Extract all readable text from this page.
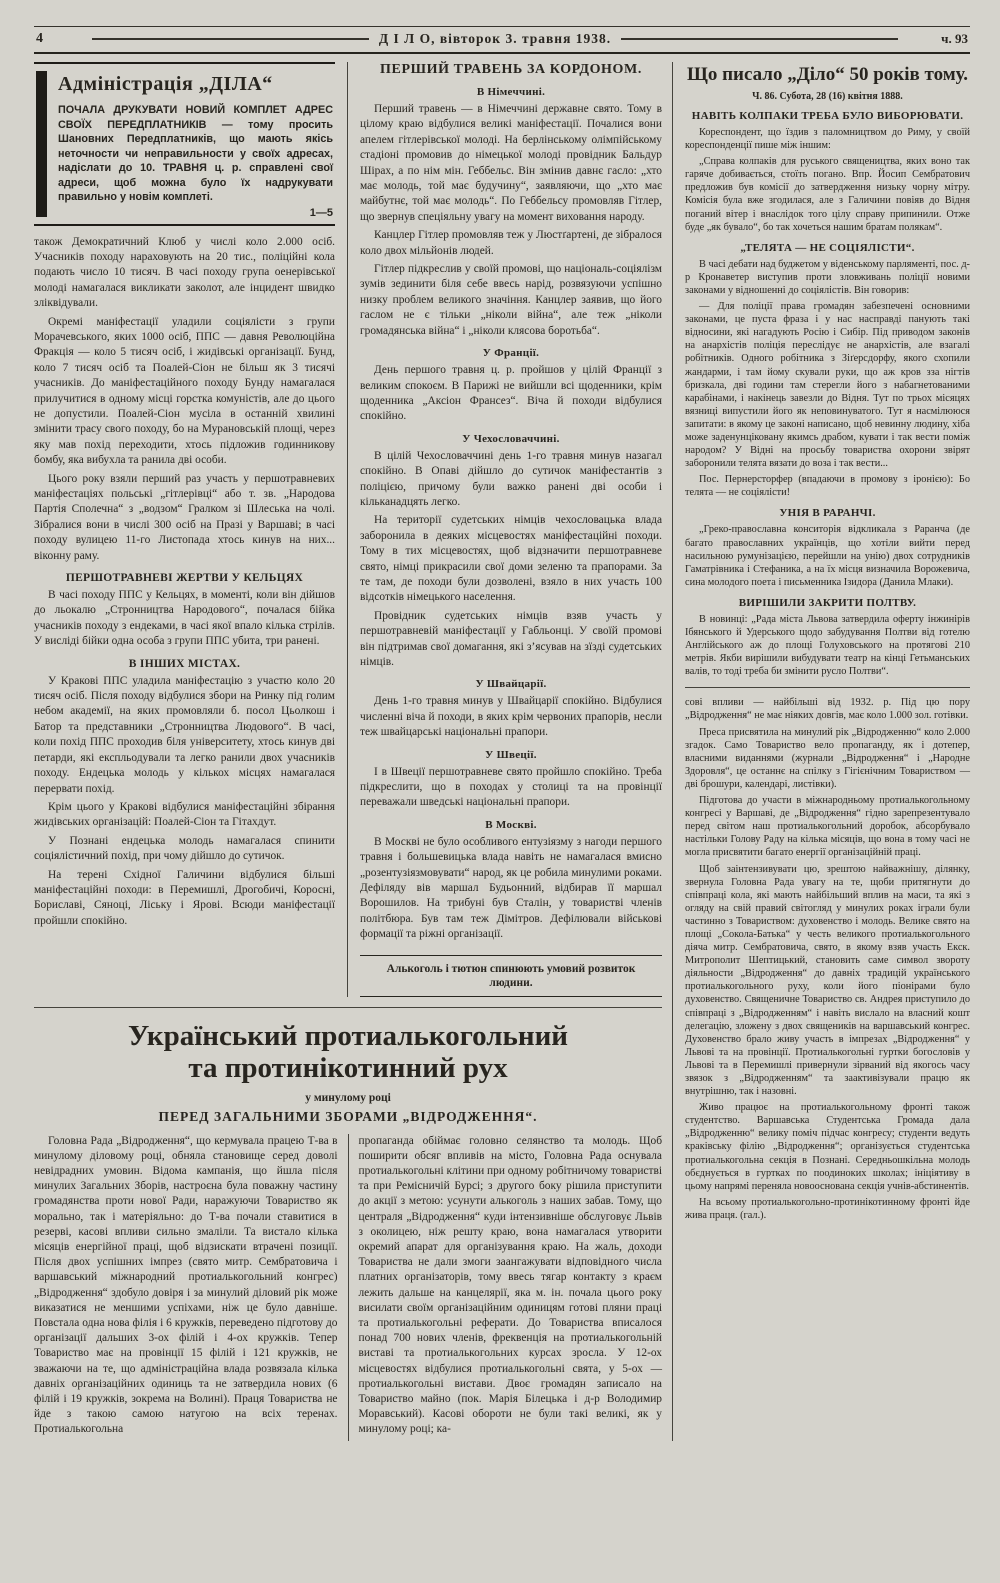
4	Д І Л О, вівторок 3. травня 1938.	ч. 93
Адміністрація „ДІЛА“

ПОЧАЛА ДРУКУВАТИ НОВИЙ КОМПЛЕТ АДРЕС СВОЇХ ПЕРЕДПЛАТНИКІВ — тому просить Шановних Передплатників, що мають якісь неточности чи неправильности у своїх адресах, надіслати до 10. ТРАВНЯ ц. р. справлені свої адреси, щоб можна було їх надрукувати правильно у новім комплеті.

1—5

також Демократичний Клюб у числі коло 2.000 осіб. Учасників походу нараховують на 20 тис., поліційні кола подають число 10 тисяч. В часі походу група оенерівської молоді намагалася викликати заколот, але інцидент швидко зліквідували.

Окремі маніфестації уладили соціялісти з групи Морачевського, яких 1000 осіб, ППС — давня Революційна Фракція — коло 5 тисяч осіб, і жидівські організації. Бунд, коло 7 тисяч осіб та Поалей-Сіон не більш як 3 тисячі учасників. До маніфестаційного походу Бунду намагалася прилучитися в одному місці горстка комуністів, але до цього не допустили. Поалей-Сіон мусіла в останній хвилині змінити трасу свого походу, бо на Мурановській площі, через яку мав похід переходити, хтось підложив годинникову бомбу, яка вибухла та ранила дві особи.

Цього року взяли перший раз участь у першотравневих маніфестаціях польські „гітлерівці“ або т. зв. „Народова Партія Сполечна“ з „водзом“ Гралком зі Шлеська на чолі. Зібралися вони в числі 300 осіб на Празі у Варшаві; в часі походу вулицею 11-го Листопада хтось кинув на них... віконну раму.

ПЕРШОТРАВНЕВІ ЖЕРТВИ У КЕЛЬЦЯХ

В часі походу ППС у Кельцях, в моменті, коли він дійшов до льокалю „Стронництва Народового“, почалася бійка учасників походу з ендеками, в часі якої впало кілька стрілів. У висліді бійки одна особа з групи ППС убита, три ранені.

В ІНШИХ МІСТАХ.

У Кракові ППС уладила маніфестацію з участю коло 20 тисяч осіб. Після походу відбулися збори на Ринку під голим небом академії, на яких промовляли б. посол Цьолкош і Батор та представники „Стронництва Людового“. В часі, коли похід ППС проходив біля університету, хтось кинув дві петарди, які експльодували та легко ранили двох учасників походу. Ендецька молодь у кількох місцях намагалася перервати похід.

Крім цього у Кракові відбулися маніфестаційні збірання жидівських організацій: Поалей-Сіон та Гітахдут.

У Познані ендецька молодь намагалася спинити соціялістичний похід, при чому дійшло до сутичок.

На терені Східної Галичини відбулися більші маніфестаційні походи: в Перемишлі, Дрогобичі, Коросні, Бориславі, Сяноці, Ліську і Ярові. Всюди маніфестації пройшли спокійно.

ПЕРШИЙ ТРАВЕНЬ ЗА КОРДОНОМ.
В Німеччині.

Перший травень — в Німеччині державне свято. Тому в цілому краю відбулися великі маніфестації. Почалися вони апелем гітлерівської молоді. На берлінському олімпійському стадіоні промовив до німецької молоді провідник Бальдур Шірах, а по нім мін. Геббельс. Він змінив давнє гасло: „хто має молодь, той має будучину“, заявляючи, що „хто має майбутнє, той має молодь“. По Геббельсу промовляв Гітлер, що звернув спеціяльну увагу на момент виховання народу.

Канцлер Гітлер промовляв теж у Люстґартені, де зібралося коло двох мільйонів людей.

Гітлер підкреслив у своїй промові, що національ-соціялізм зумів зединити біля себе ввесь нарід, розвязуючи успішно низку проблем великого значіння. Канцлер заявив, що його гаслом не є тільки „ніколи війна“, але теж „ніколи громадянська війна“ і „ніколи клясова боротьба“.

У Франції.

День першого травня ц. р. пройшов у цілій Франції з великим спокоєм. В Парижі не вийшли всі щоденники, крім щоденника „Аксіон Франсез“. Віча й походи відбулися спокійно.

У Чехословаччині.

В цілій Чехословаччині день 1-го травня минув назагал спокійно. В Опаві дійшло до сутичок маніфестантів з поліцією, причому були важко ранені дві особи і кільканадцять легко.

На території судетських німців чехословацька влада заборонила в деяких місцевостях маніфестаційні походи. Тому в тих місцевостях, щоб відзначити першотравневе свято, німці прикрасили свої доми зеленю та прапорами. За те там, де походи були дозволені, взяло в них участь 100 відсотків німецького населення.

Провідник судетських німців взяв участь у першотравневій маніфестації у Габльонці. У своїй промові він підтримав свої домагання, які з’ясував на зїзді судетських німців.

У Швайцарії.

День 1-го травня минув у Швайцарії спокійно. Відбулися численні віча й походи, в яких крім червоних прапорів, несли теж швайцарські національні прапори.

У Швеції.

І в Швеції першотравневе свято пройшло спокійно. Треба підкреслити, що в походах у столиці та на провінції переважали шведські національні прапори.

В Москві.

В Москві не було особливого ентузіязму з нагоди першого травня і большевицька влада навіть не намагалася вмисно „розентузіязмовувати“ народ, як це робила минулими роками. Дефіляду вів маршал Будьонний, відбирав її маршал Ворошилов. На трибуні був Сталін, у товаристві членів політбюра. Був там теж Дімітров. Дефілювали військові формації та ріжні організації.

Алькоголь і тютюн спинюють умовий розвиток людини.
Український протиалькогольний
та протинікотинний рух
у минулому році
ПЕРЕД ЗАГАЛЬНИМИ ЗБОРАМИ „ВІДРОДЖЕННЯ“.

Головна Рада „Відродження“, що кермувала працею Т-ва в минулому діловому році, обняла становище серед доволі невідрадних умовин. Відома кампанія, що йшла після минулих Загальних Зборів, настроєна була поважну частину громадянства проти нової Ради, наражуючи Товариство як морально, так і матеріяльно: до Т-ва почали ставитися в резерві, касові впливи сильно змаліли. Та вистало кілька місяців енергійної праці, щоб відзискати втрачені позиції. Після двох успішних імпрез (свято митр. Сембратовича і варшавський міжнародний протиалькогольний конгрес) „Відродження“ здобуло довіря і за минулий діловий рік може виказатися не меншими успіхами, ніж це було давніше. Повстала одна нова філія і 6 кружків, переведено підготову до організації дальших 3-ох філій і 4-ох кружків. Тепер Товариство має на провінції 15 філій і 121 кружків, не зважаючи на те, що адміністраційна влада розвязала кілька давніх організаційних одиниць та не затвердила нових (6 філій і 19 кружків, зокрема на Волині). Праця Товариства не йде з такою самою натугою на всіх теренах. Протиалькогольна

пропаганда обіймає головно селянство та молодь. Щоб поширити обсяг впливів на місто, Головна Рада оснувала протиалькогольні клітини при одному робітничому товаристві та при Ремісничій Бурсі; з другого боку рішила приступити до акції з метою: усунути алькоголь з наших забав. Тому, що централя „Відродження“ куди інтензивніше обслуговує Львів з околицею, ніж решту краю, вона намагалася утворити окремий апарат для організування краю. На жаль, доходи Товариства не дали змоги заангажувати відповідного числа платних організаторів, тому ввесь тягар контакту з краєм лежить дальше на канцелярії, яка м. ін. почала цього року висилати своїм організаційним одиницям готові пляни праці та протиалькогольні реферати. До Товариства вписалося понад 700 нових членів, фреквенція на протиалькогольній виставі та протиалькогольних курсах зросла. У 12-ох місцевостях відбулися протиалькогольні свята, у 5-ох — протиалькогольні вистави. Двоє громадян записало на Товариство майно (пок. Марія Білецька і д-р Володимир Моравський). Касові обороти не були такі великі, як у минулому році; ка-

Що писало „Діло“ 50 років тому.
Ч. 86. Субота, 28 (16) квітня 1888.
НАВІТЬ КОЛПАКИ ТРЕБА БУЛО ВИБОРЮВАТИ.

Кореспондент, що їздив з паломництвом до Риму, у своїй кореспонденції пише між іншим:

„Справа колпаків для руського священицтва, яких воно так гаряче добивається, стоїть погано. Впр. Йосип Сембратович предложив був комісії до затвердження низьку чорну мітру. Комісія була вже згодилася, але з Галичини повіяв до Відня поганий вітер і внаслідок того цілу справу припинили. Отже буде „як бувало“, бо так хочеться нашим братам полякам“.

„ТЕЛЯТА — НЕ СОЦІЯЛІСТИ“.

В часі дебати над буджетом у віденському парляменті, пос. д-р Кронаветер виступив проти зловживань поліції новими законами у відношенні до соціялістів. Він говорив:

— Для поліції права громадян забезпечені основними законами, це пуста фраза і у нас насправді панують такі відносини, які нагадують Росію і Сибір. Під приводом законів на анархістів поліція переслідує не анархістів, але взагалі робітників. Одного робітника з Зіґерсдорфу, якого схопили жандарми, і там йому скували руки, що аж кров зза нігтів бризкала, дві години там стерегли його з набагнетованими карабінами, і накінець завезли до Відня. Тут по трьох місяцях вязниці випустили його як неповинуватого. Тут я насмілююся запитати: в якому це законі написано, щоб невинну людину, хіба може заденунціковану якимсь драбом, кувати і так вести поміж народом? У Відні на просьбу товариства охорони звірят заборонили телята вязати до воза і так вести...

Пос. Пернерсторфер (впадаючи в промову з іронією): Бо телята — не соціялісти!

УНІЯ В РАРАНЧІ.

„Греко-православна конситорія відкликала з Раранча (де багато православних українців, що хотіли вийти перед насильною румунізацією, перейшли на унію) двох сотрудників Гаматрівника і Стефаника, а на їх місця визначила Ворожевича, сина молодого поета і письменника Ізидора (Данила Млаки).

ВИРІШИЛИ ЗАКРИТИ ПОЛТВУ.

В новинці: „Рада міста Львова затвердила оферту інжинірів Ібянського й Удерського щодо забудування Полтви від готелю Англійського аж до площі Голуховського на протягові 210 метрів. Якби вирішили вибудувати театр на кінці Гетьманських валів, то тоді треба би змінити русло Полтви“.

сові впливи — найбільші від 1932. р. Під цю пору „Відродження“ не має ніяких довгів, має коло 1.000 зол. готівки.

Преса присвятила на минулий рік „Відродженню“ коло 2.000 згадок. Само Товариство вело пропаганду, як і дотепер, власними виданнями (журнали „Відродження“ і „Народне Здоровля“, це останнє на спілку з Гігієнічним Товариством — дві брошури, календарі, листівки).

Підготова до участи в міжнародньому протиалькогольному конгресі у Варшаві, де „Відродження“ гідно зарепрезентувало перед світом наш протиалькогольний доробок, абсорбувало настільки Голову Раду на кілька місяців, що вона в тому часі не могла присвятити багато енергії організаційній праці.

Щоб заінтензивувати цю, зрештою найважнішу, ділянку, звернула Головна Рада увагу на те, щоби притягнути до співпраці кола, які мають найбільший вплив на маси, та які з огляду на свій правий світогляд у минулих роках іграли були частинно з Товариством: духовенство і молодь. Велике свято на площі „Сокола-Батька“ у честь великого протиалькогольного діяча митр. Сембратовича, свято, в якому взяв участь Екск. Митрополит Шептицький, становить саме символ звороту діяльности „Відродження“ до давніх традицій українського протиалькогольного руху, коли його піонірами було духовенство. Священичне Товариство св. Андрея приступило до співпраці з „Відродженням“ і навіть вислало на власний кошт делегацію, зложену з двох священиків на варшавський конгрес. Духовенство брало живу участь в імпрезах „Відродження“ у Львові та на провінції. Протиалькогольні гуртки богословів у Львові та в Перемишлі привернули зірваний від якогось часу звязок з „Відродженням“ та заактивізували працю як внутрішню, так і назовні.

Живо працює на протиалькогольному фронті також студентство. Варшавська Студентська Громада дала „Відродженню“ велику поміч підчас конгресу; студенти ведуть краківську філію „Відродження“; організується студентська протиалькогольна секція в Познані. Середньошкільна молодь обєднується в гуртках по поодиноких школах; ініціятиву в цьому напрямі переняла новооснована секція учнів-абстинентів.

На всьому протиалькогольно-протинікотинному фронті йде жива праця. (гал.).
